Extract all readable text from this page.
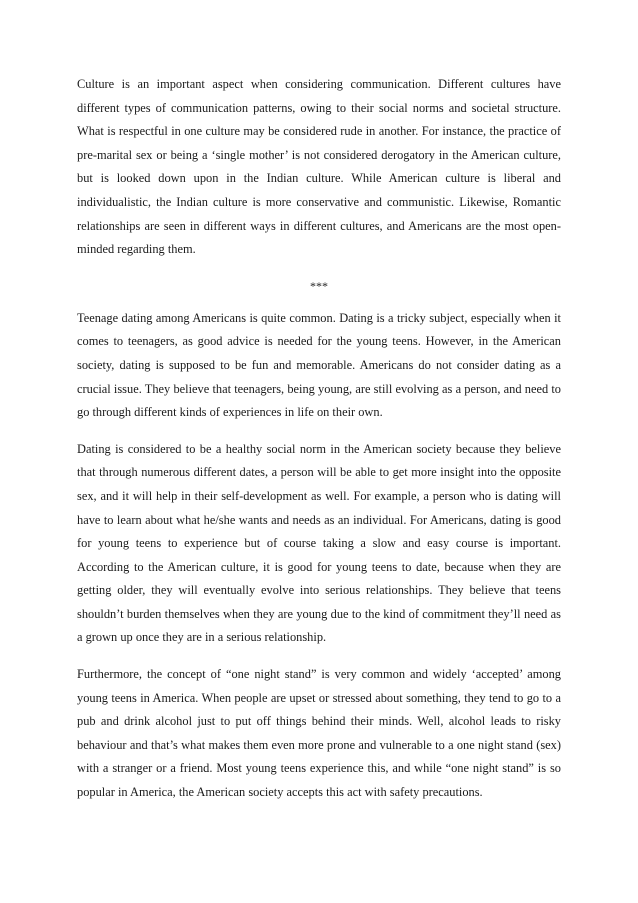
Culture is an important aspect when considering communication. Different cultures have different types of communication patterns, owing to their social norms and societal structure. What is respectful in one culture may be considered rude in another. For instance, the practice of pre-marital sex or being a ‘single mother’ is not considered derogatory in the American culture, but is looked down upon in the Indian culture. While American culture is liberal and individualistic, the Indian culture is more conservative and communistic. Likewise, Romantic relationships are seen in different ways in different cultures, and Americans are the most open-minded regarding them.

***

Teenage dating among Americans is quite common. Dating is a tricky subject, especially when it comes to teenagers, as good advice is needed for the young teens. However, in the American society, dating is supposed to be fun and memorable. Americans do not consider dating as a crucial issue. They believe that teenagers, being young, are still evolving as a person, and need to go through different kinds of experiences in life on their own.

Dating is considered to be a healthy social norm in the American society because they believe that through numerous different dates, a person will be able to get more insight into the opposite sex, and it will help in their self-development as well. For example, a person who is dating will have to learn about what he/she wants and needs as an individual. For Americans, dating is good for young teens to experience but of course taking a slow and easy course is important. According to the American culture, it is good for young teens to date, because when they are getting older, they will eventually evolve into serious relationships. They believe that teens shouldn’t burden themselves when they are young due to the kind of commitment they’ll need as a grown up once they are in a serious relationship.

Furthermore, the concept of “one night stand” is very common and widely ‘accepted’ among young teens in America. When people are upset or stressed about something, they tend to go to a pub and drink alcohol just to put off things behind their minds. Well, alcohol leads to risky behaviour and that’s what makes them even more prone and vulnerable to a one night stand (sex) with a stranger or a friend. Most young teens experience this, and while “one night stand” is so popular in America, the American society accepts this act with safety precautions.
